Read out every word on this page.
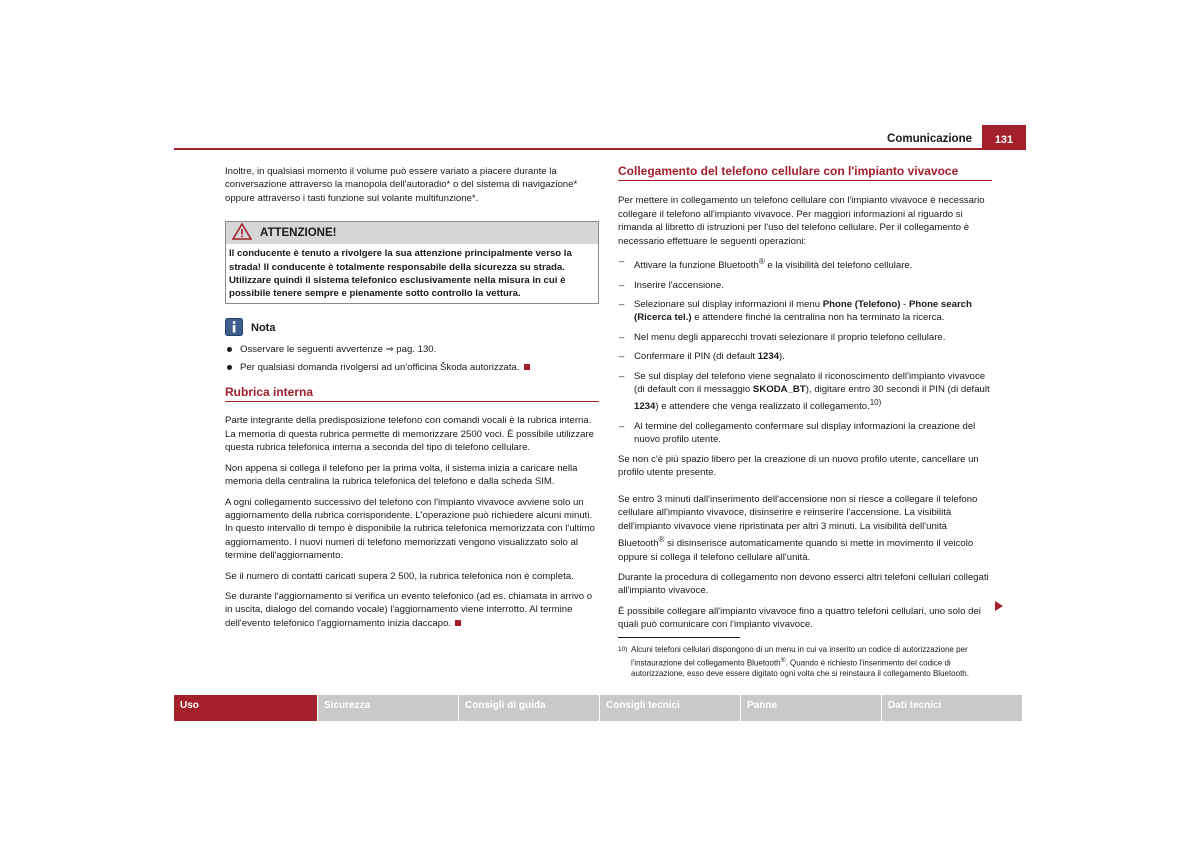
Comunicazione	131

Inoltre, in qualsiasi momento il volume può essere variato a piacere durante la conversazione attraverso la manopola dell'autoradio* o del sistema di navigazione* oppure attraverso i tasti funzione sul volante multifunzione*.

ATTENZIONE!
Il conducente è tenuto a rivolgere la sua attenzione principalmente verso la strada! Il conducente è totalmente responsabile della sicurezza su strada. Utilizzare quindi il sistema telefonico esclusivamente nella misura in cui è possibile tenere sempre e pienamente sotto controllo la vettura.
Nota
Osservare le seguenti avvertenze ⇒ pag. 130.
Per qualsiasi domanda rivolgersi ad un'officina Škoda autorizzata.
Rubrica interna

Parte integrante della predisposizione telefono con comandi vocali è la rubrica interna. La memoria di questa rubrica permette di memorizzare 2500 voci. È possibile utilizzare questa rubrica telefonica interna a seconda del tipo di telefono cellulare.

Non appena si collega il telefono per la prima volta, il sistema inizia a caricare nella memoria della centralina la rubrica telefonica del telefono e dalla scheda SIM.

A ogni collegamento successivo del telefono con l'impianto vivavoce avviene solo un aggiornamento della rubrica corrispondente. L'operazione può richiedere alcuni minuti. In questo intervallo di tempo è disponibile la rubrica telefonica memorizzata con l'ultimo aggiornamento. I nuovi numeri di telefono memorizzati vengono visualizzato solo al termine dell'aggiornamento.

Se il numero di contatti caricati supera 2 500, la rubrica telefonica non è completa.

Se durante l'aggiornamento si verifica un evento telefonico (ad es. chiamata in arrivo o in uscita, dialogo del comando vocale) l'aggiornamento viene interrotto. Al termine dell'evento telefonico l'aggiornamento inizia daccapo.

Collegamento del telefono cellulare con l'impianto vivavoce

Per mettere in collegamento un telefono cellulare con l'impianto vivavoce è necessario collegare il telefono all'impianto vivavoce. Per maggiori informazioni al riguardo si rimanda al libretto di istruzioni per l'uso del telefono cellulare. Per il collegamento è necessario effettuare le seguenti operazioni:

– Attivare la funzione Bluetooth® e la visibilità del telefono cellulare.
– Inserire l'accensione.
– Selezionare sul display informazioni il menu Phone (Telefono) - Phone search (Ricerca tel.) e attendere finché la centralina non ha terminato la ricerca.
– Nel menu degli apparecchi trovati selezionare il proprio telefono cellulare.
– Confermare il PIN (di default 1234).
– Se sul display del telefono viene segnalato il riconoscimento dell'impianto vivavoce (di default con il messaggio SKODA_BT), digitare entro 30 secondi il PIN (di default 1234) e attendere che venga realizzato il collegamento.$^{10)}$
– Al termine del collegamento confermare sul display informazioni la creazione del nuovo profilo utente.

Se non c'è più spazio libero per la creazione di un nuovo profilo utente, cancellare un profilo utente presente.

Se entro 3 minuti dall'inserimento dell'accensione non si riesce a collegare il telefono cellulare all'impianto vivavoce, disinserire e reinserire l'accensione. La visibilità dell'impianto vivavoce viene ripristinata per altri 3 minuti. La visibilità dell'unità Bluetooth® si disinserisce automaticamente quando si mette in movimento il veicolo oppure si collega il telefono cellulare all'unità.

Durante la procedura di collegamento non devono esserci altri telefoni cellulari collegati all'impianto vivavoce.

È possibile collegare all'impianto vivavoce fino a quattro telefoni cellulari, uno solo dei quali può comunicare con l'impianto vivavoce.

10) Alcuni telefoni cellulari dispongono di un menu in cui va inserito un codice di autorizzazione per l'instaurazione del collegamento Bluetooth®. Quando è richiesto l'inserimento del codice di autorizzazione, esso deve essere digitato ogni volta che si reinstaura il collegamento Bluetooth.
Uso	Sicurezza	Consigli di guida	Consigli tecnici	Panne	Dati tecnici
